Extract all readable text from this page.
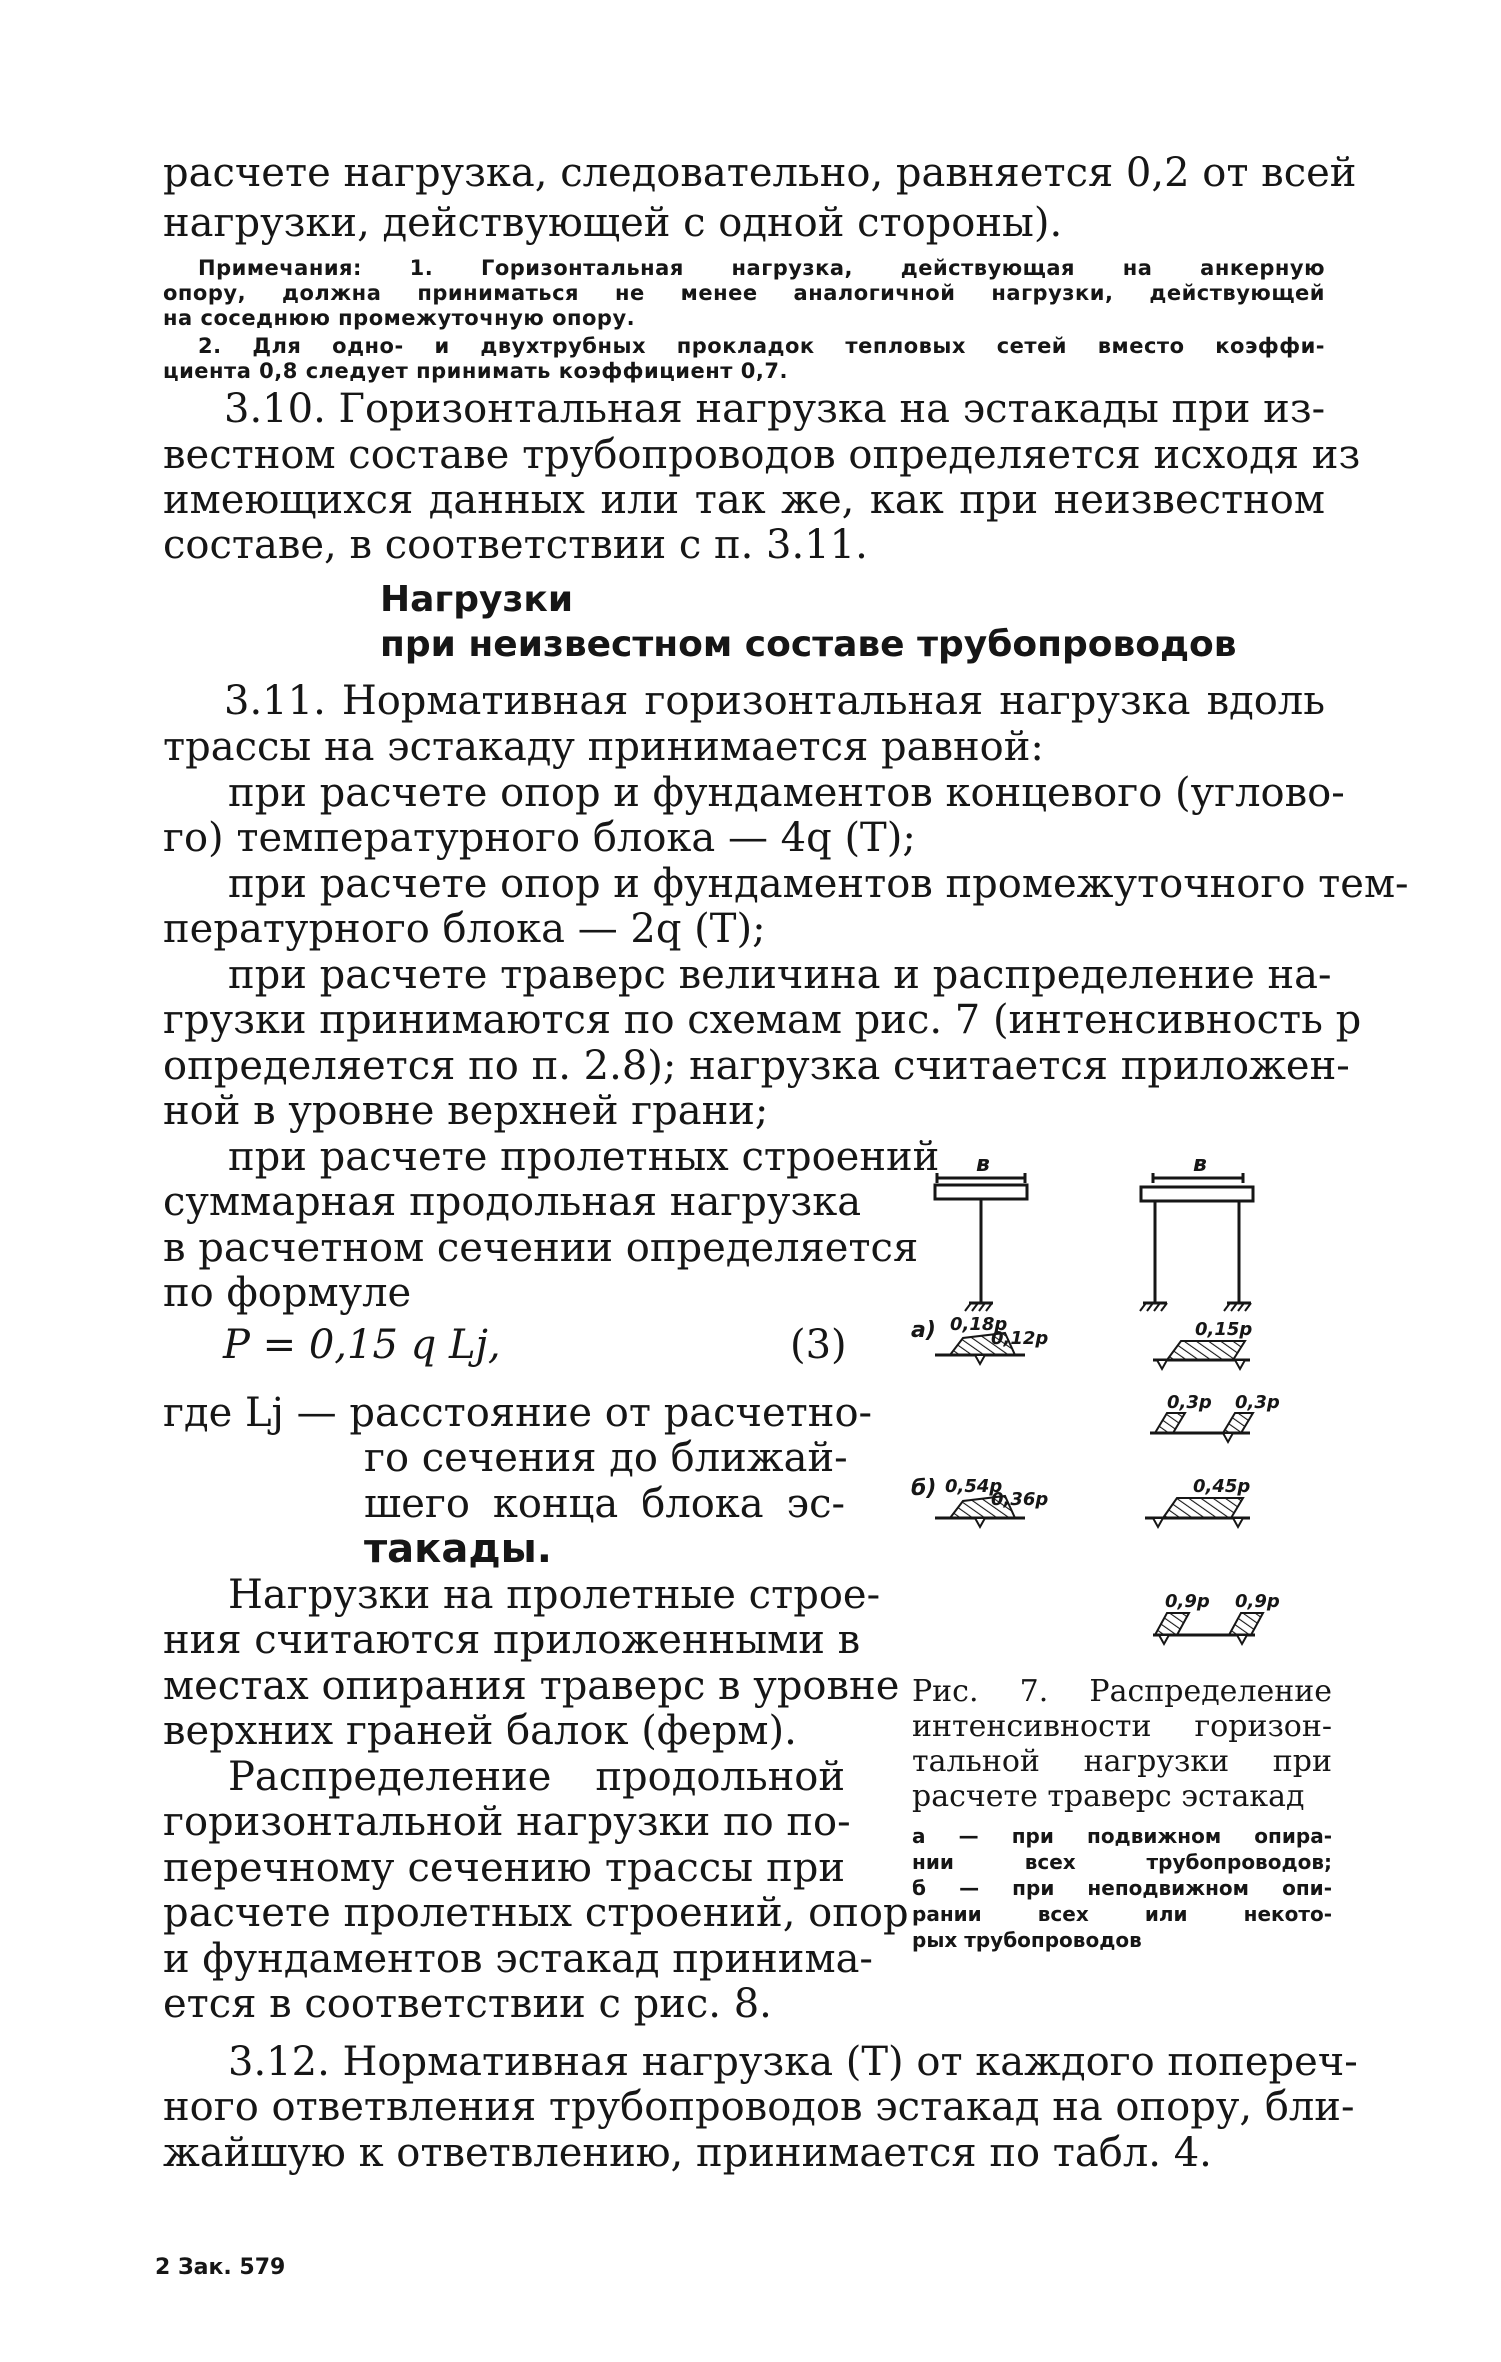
расчете нагрузка, следовательно, равняется 0,2 от всей

нагрузки, действующей с одной стороны).

Примечания: 1. Горизонтальная нагрузка, действующая на анкерную

опору, должна приниматься не менее аналогичной нагрузки, действующей

на соседнюю промежуточную опору.

2. Для одно- и двухтрубных прокладок тепловых сетей вместо коэффи-

циента 0,8 следует принимать коэффициент 0,7.

3.10. Горизонтальная нагрузка на эстакады при из-

вестном составе трубопроводов определяется исходя из

имеющихся данных или так же, как при неизвестном

составе, в соответствии с п. 3.11.

Нагрузки

при неизвестном составе трубопроводов

3.11. Нормативная горизонтальная нагрузка вдоль

трассы на эстакаду принимается равной:

при расчете опор и фундаментов концевого (углово-

го) температурного блока — 4q (T);

при расчете опор и фундаментов промежуточного тем-

пературного блока — 2q (T);

при расчете траверс величина и распределение на-

грузки принимаются по схемам рис. 7 (интенсивность p

определяется по п. 2.8); нагрузка считается приложен-

ной в уровне верхней грани;

при расчете пролетных строений

суммарная продольная нагрузка

в расчетном сечении определяется

по формуле

P = 0,15 q Lj,	(3)

где Lj — расстояние от расчетно-

го сечения до ближай-

шего конца блока эс-

такады.

Нагрузки на пролетные строе-

ния считаются приложенными в

местах опирания траверс в уровне

верхних граней балок (ферм).

Распределение продольной

горизонтальной нагрузки по по-

перечному сечению трассы при

расчете пролетных строений, опор

и фундаментов эстакад принима-

ется в соответствии с рис. 8.

3.12. Нормативная нагрузка (T) от каждого попереч-

ного ответвления трубопроводов эстакад на опору, бли-

жайшую к ответвлению, принимается по табл. 4.

2 Зак. 579

в	в
а)
б)
0,18p
0,12p
0,54p
0,36p
0,15p
0,3p 0,3p
0,45p
0,9p 0,9p

Рис. 7. Распределение

интенсивности горизон-

тальной нагрузки при

расчете траверс эстакад

а — при подвижном опира-

нии всех трубопроводов;

б — при неподвижном опи-

рании всех или некото-

рых трубопроводов
